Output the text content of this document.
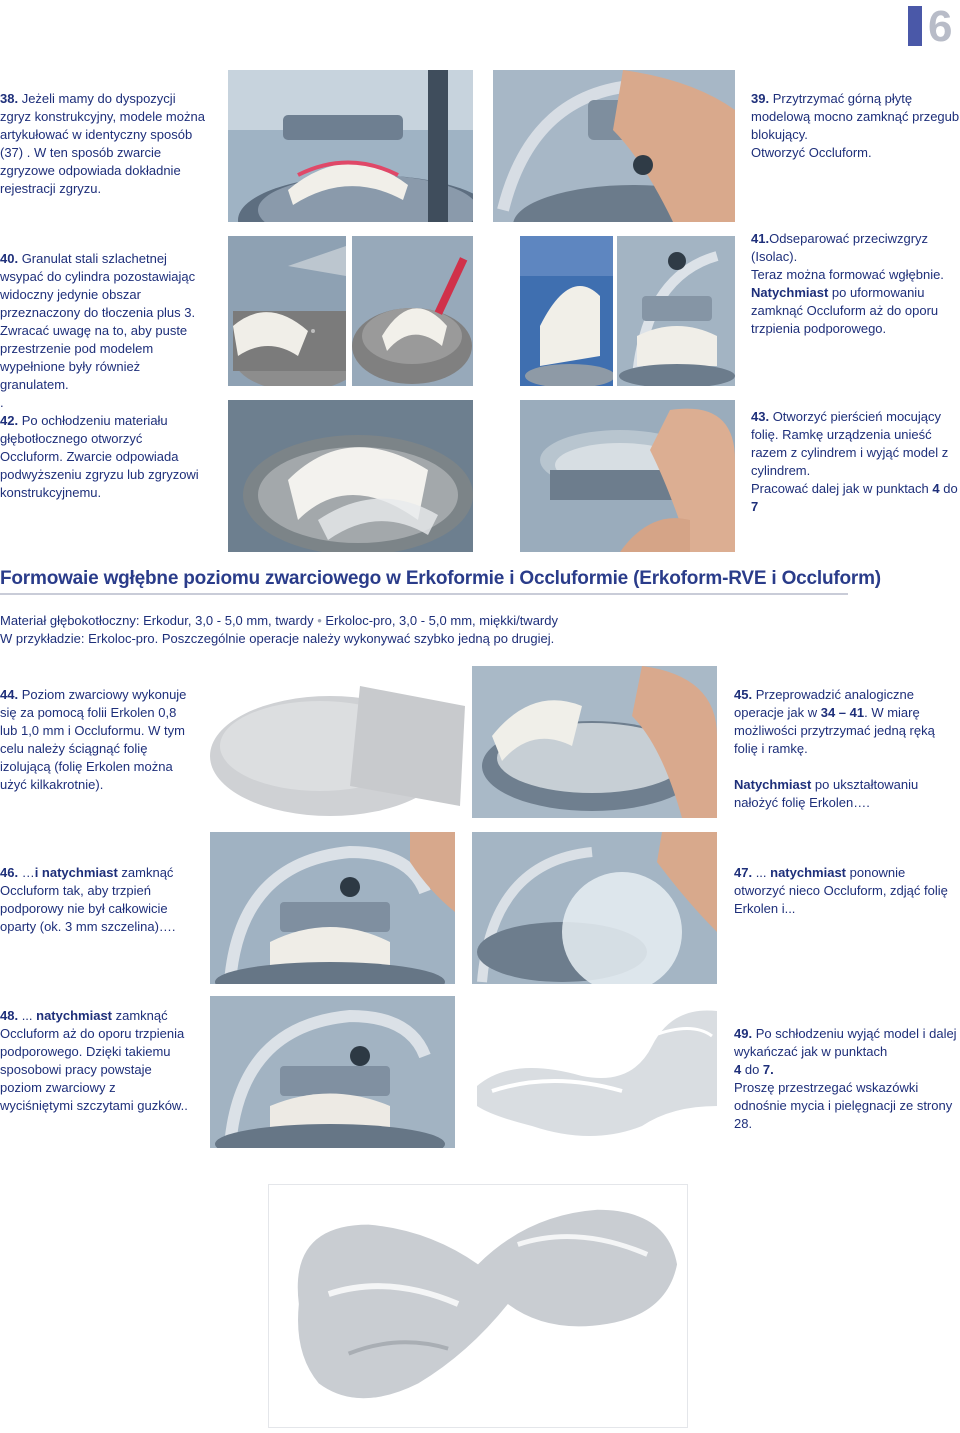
6
38. Jeżeli mamy do dyspozycji zgryz konstrukcyjny, modele można artykułować w identyczny sposób (37) . W ten sposób zwarcie zgryzowe odpowiada dokładnie rejestracji zgryzu.
40. Granulat stali szlachetnej wsypać do cylindra pozostawiając widoczny jedynie obszar przeznaczony do tłoczenia plus 3. Zwracać uwagę na to, aby puste przestrzenie pod modelem wypełnione były również granulatem.
.
42. Po ochłodzeniu materiału głębotłocznego otworzyć Occluform. Zwarcie odpowiada podwyższeniu zgryzu lub zgryzowi konstrukcyjnemu.
39. Przytrzymać górną płytę modelową mocno zamknąć przegub blokujący.
Otworzyć Occluform.
41.Odseparować przeciwzgryz (Isolac).
Teraz można formować wgłębnie.
Natychmiast po uformowaniu zamknąć Occluform aż do oporu trzpienia podporowego.
43. Otworzyć pierścień mocujący folię. Ramkę urządzenia unieść razem z cylindrem i wyjąć model z cylindrem.
Pracować dalej jak w punktach 4 do
7
Formowaie wgłębne poziomu zwarciowego w Erkoformie i Occluformie (Erkoform-RVE i Occluform)
Materiał głębokotłoczny: Erkodur, 3,0 - 5,0 mm, twardy • Erkoloc-pro, 3,0 - 5,0 mm, miękki/twardy
W przykładzie: Erkoloc-pro. Poszczególnie operacje należy wykonywać szybko jedną po drugiej.
44. Poziom zwarciowy wykonuje się za pomocą folii Erkolen 0,8 lub 1,0 mm i Occluformu. W tym celu należy ściągnąć folię izolującą (folię Erkolen można użyć kilkakrotnie).
45. Przeprowadzić analogiczne operacje jak w 34 – 41. W miarę możliwości przytrzymać jedną ręką folię i ramkę.
Natychmiast po ukształtowaniu nałożyć folię Erkolen….
46. …i natychmiast zamknąć Occluform tak, aby trzpień podporowy nie był całkowicie oparty (ok. 3 mm szczelina)….
47. ... natychmiast ponownie otworzyć nieco Occluform, zdjąć folię Erkolen i...
48. ... natychmiast zamknąć Occluform aż do oporu trzpienia podporowego. Dzięki takiemu sposobowi pracy powstaje poziom zwarciowy z wyciśniętymi szczytami guzków..
49. Po schłodzeniu wyjąć model i dalej wykańczać jak w punktach
4 do 7.
Proszę przestrzegać wskazówki odnośnie mycia i pielęgnacji ze strony 28.
